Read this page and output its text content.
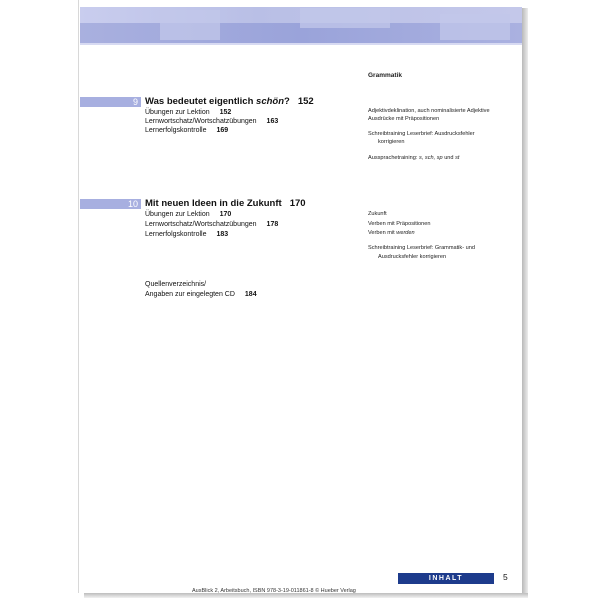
Grammatik
9 Was bedeutet eigentlich schön? 152
Übungen zur Lektion 152
Lernwortschatz/Wortschatzübungen 163
Lernerfolgskontrolle 169
Adjektivdeklination, auch nominalisierte Adjektive
Ausdrücke mit Präpositionen
Schreibtraining Leserbrief: Ausdrucksfehler
korrigieren
Aussprachetraining: s, sch, sp und st
10 Mit neuen Ideen in die Zukunft 170
Übungen zur Lektion 170
Lernwortschatz/Wortschatzübungen 178
Lernerfolgskontrolle 183
Zukunft
Verben mit Präpositionen
Verben mit werden
Schreibtraining Leserbrief: Grammatik- und
Ausdrucksfehler korrigieren
Quellenverzeichnis/
Angaben zur eingelegten CD 184
INHALT	5
AusBlick 2, Arbeitsbuch, ISBN 978-3-19-011861-8 © Hueber Verlag
